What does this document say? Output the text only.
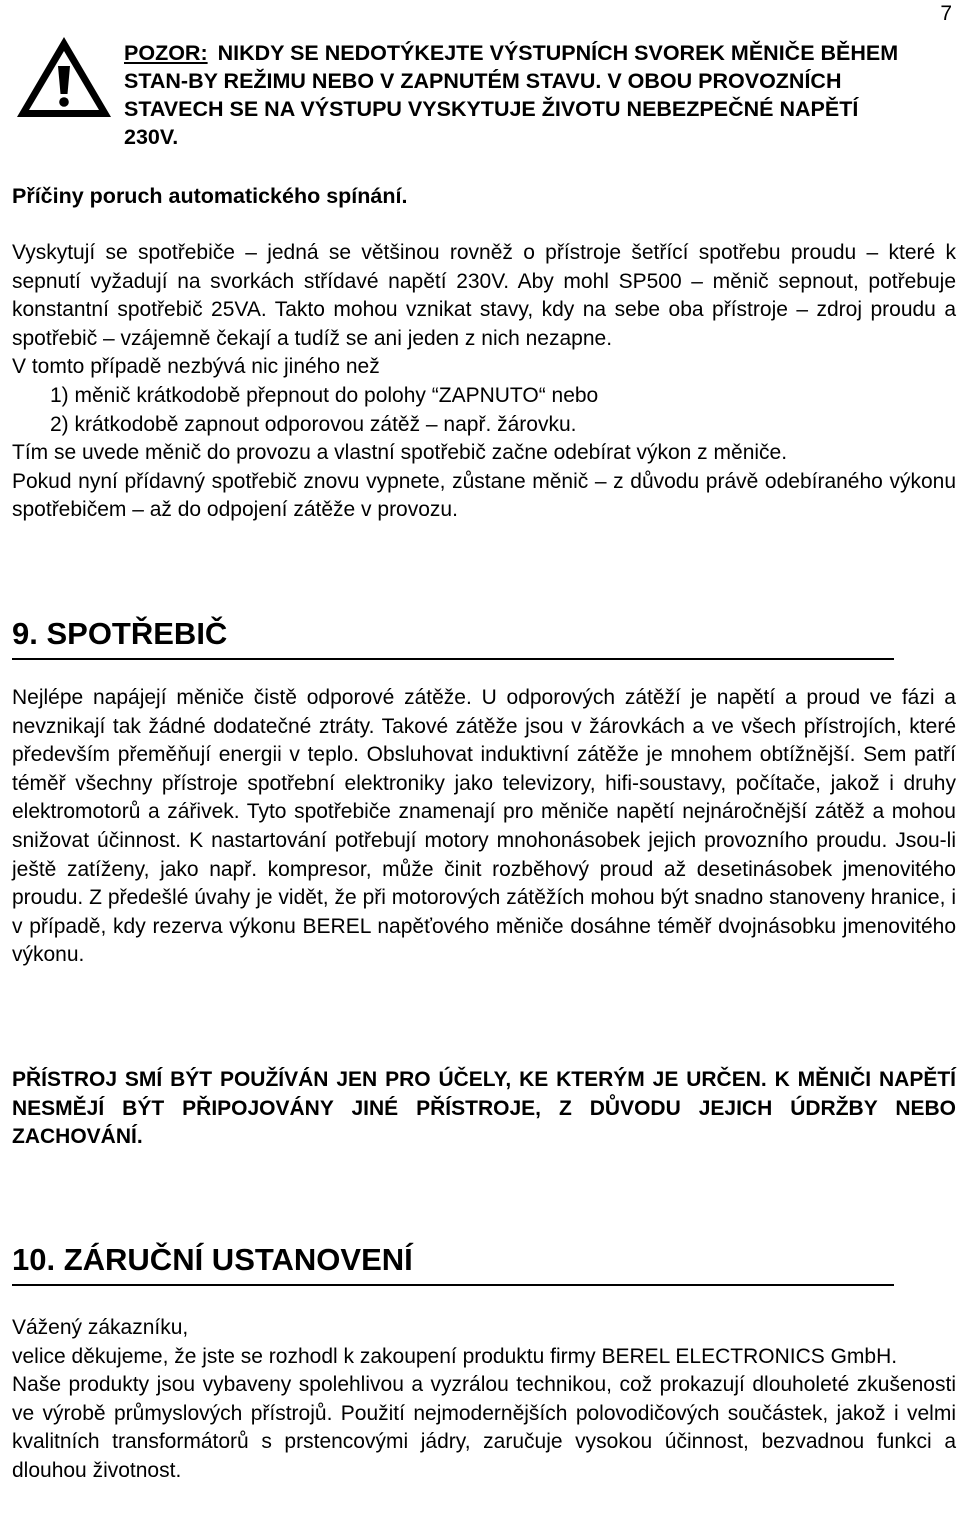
7
POZOR: NIKDY SE NEDOTÝKEJTE VÝSTUPNÍCH SVOREK MĚNIČE BĚHEM STAN-BY REŽIMU NEBO V ZAPNUTÉM STAVU. V OBOU PROVOZNÍCH STAVECH SE NA VÝSTUPU VYSKYTUJE ŽIVOTU NEBEZPEČNÉ NAPĚTÍ 230V.
Příčiny poruch automatického spínání.

Vyskytují se spotřebiče – jedná se většinou rovněž o přístroje šetřící spotřebu proudu – které k sepnutí vyžadují na svorkách střídavé napětí 230V. Aby mohl SP500 – měnič sepnout, potřebuje konstantní spotřebič 25VA. Takto mohou vznikat stavy, kdy na sebe oba přístroje – zdroj proudu a spotřebič – vzájemně čekají a tudíž se ani jeden z nich nezapne.

V tomto případě nezbývá nic jiného než

1) měnič krátkodobě přepnout do polohy “ZAPNUTO“ nebo

2) krátkodobě zapnout odporovou zátěž – např. žárovku.

Tím se uvede měnič do provozu a vlastní spotřebič začne odebírat výkon z měniče.

Pokud nyní přídavný spotřebič znovu vypnete, zůstane měnič – z důvodu právě odebíraného výkonu spotřebičem – až do odpojení zátěže v provozu.

9. SPOTŘEBIČ
Nejlépe napájejí měniče čistě odporové zátěže. U odporových zátěží je napětí a proud ve fázi a nevznikají tak žádné dodatečné ztráty. Takové zátěže jsou v žárovkách a ve všech přístrojích, které především přeměňují energii v teplo. Obsluhovat induktivní zátěže je mnohem obtížnější. Sem patří téměř všechny přístroje spotřební elektroniky jako televizory, hifi-soustavy, počítače, jakož i druhy elektromotorů a zářivek. Tyto spotřebiče znamenají pro měniče napětí nejnáročnější zátěž a mohou snižovat účinnost. K nastartování potřebují motory mnohonásobek jejich provozního proudu. Jsou-li ještě zatíženy, jako např. kompresor, může činit rozběhový proud až desetinásobek jmenovitého proudu. Z předešlé úvahy je vidět, že při motorových zátěžích mohou být snadno stanoveny hranice, i v případě, kdy rezerva výkonu BEREL napěťového měniče dosáhne téměř dvojnásobku jmenovitého výkonu.
PŘÍSTROJ SMÍ BÝT POUŽÍVÁN JEN PRO ÚČELY, KE KTERÝM JE URČEN. K MĚNIČI NAPĚTÍ NESMĚJÍ BÝT PŘIPOJOVÁNY JINÉ PŘÍSTROJE, Z DŮVODU JEJICH ÚDRŽBY NEBO ZACHOVÁNÍ.
10. ZÁRUČNÍ USTANOVENÍ

Vážený zákazníku,

velice děkujeme, že jste se rozhodl k zakoupení produktu firmy BEREL ELECTRONICS GmbH.

Naše produkty jsou vybaveny spolehlivou a vyzrálou technikou, což prokazují dlouholeté zkušenosti ve výrobě průmyslových přístrojů. Použití nejmodernějších polovodičových součástek, jakož i velmi kvalitních transformátorů s prstencovými jádry, zaručuje vysokou účinnost, bezvadnou funkci a dlouhou životnost.
